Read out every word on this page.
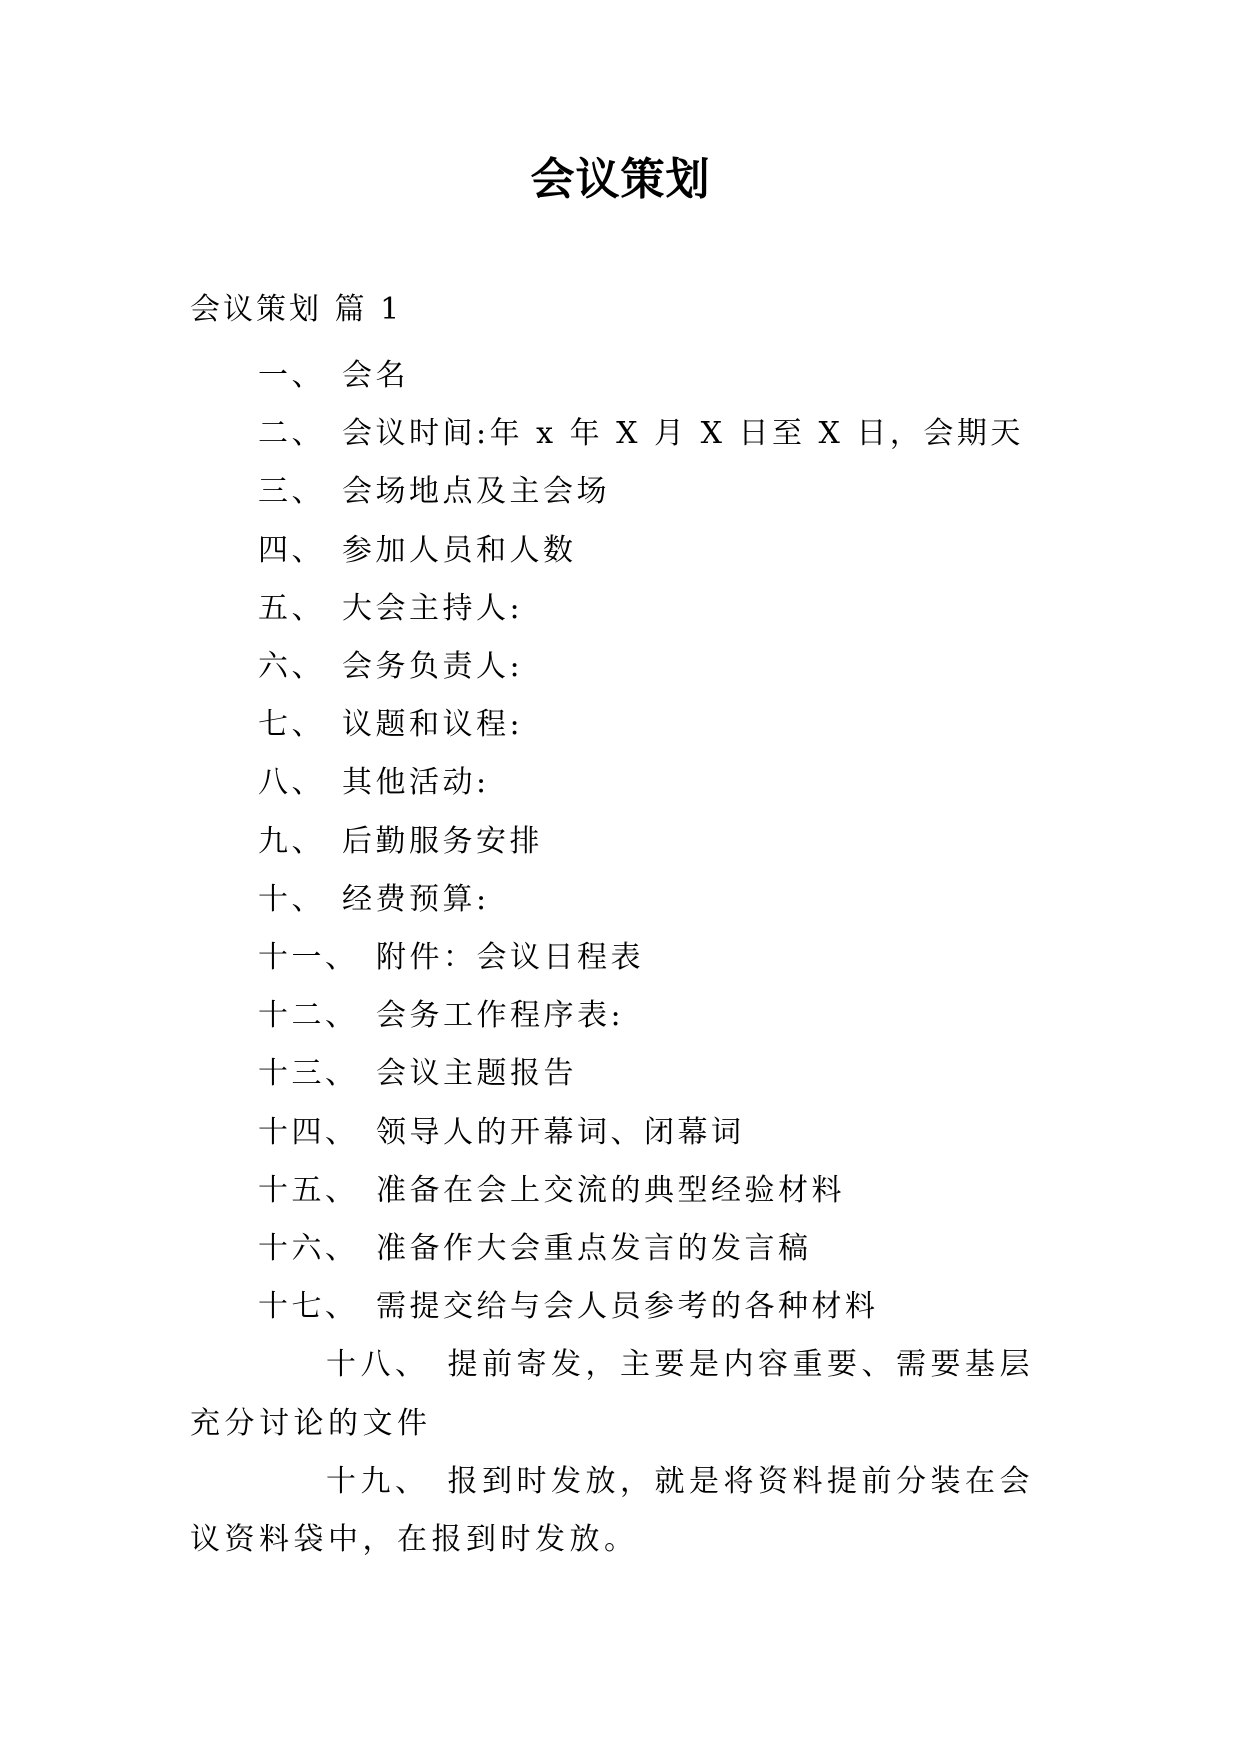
会议策划
会议策划 篇 1
一、 会名
二、 会议时间:年 x 年 X 月 X 日至 X 日，会期天
三、 会场地点及主会场
四、 参加人员和人数
五、 大会主持人:
六、 会务负责人:
七、 议题和议程:
八、 其他活动:
九、 后勤服务安排
十、 经费预算:
十一、 附件：会议日程表
十二、 会务工作程序表:
十三、 会议主题报告
十四、 领导人的开幕词、闭幕词
十五、 准备在会上交流的典型经验材料
十六、 准备作大会重点发言的发言稿
十七、 需提交给与会人员参考的各种材料
十八、 提前寄发，主要是内容重要、需要基层充分讨论的文件
十九、 报到时发放，就是将资料提前分装在会议资料袋中，在报到时发放。
